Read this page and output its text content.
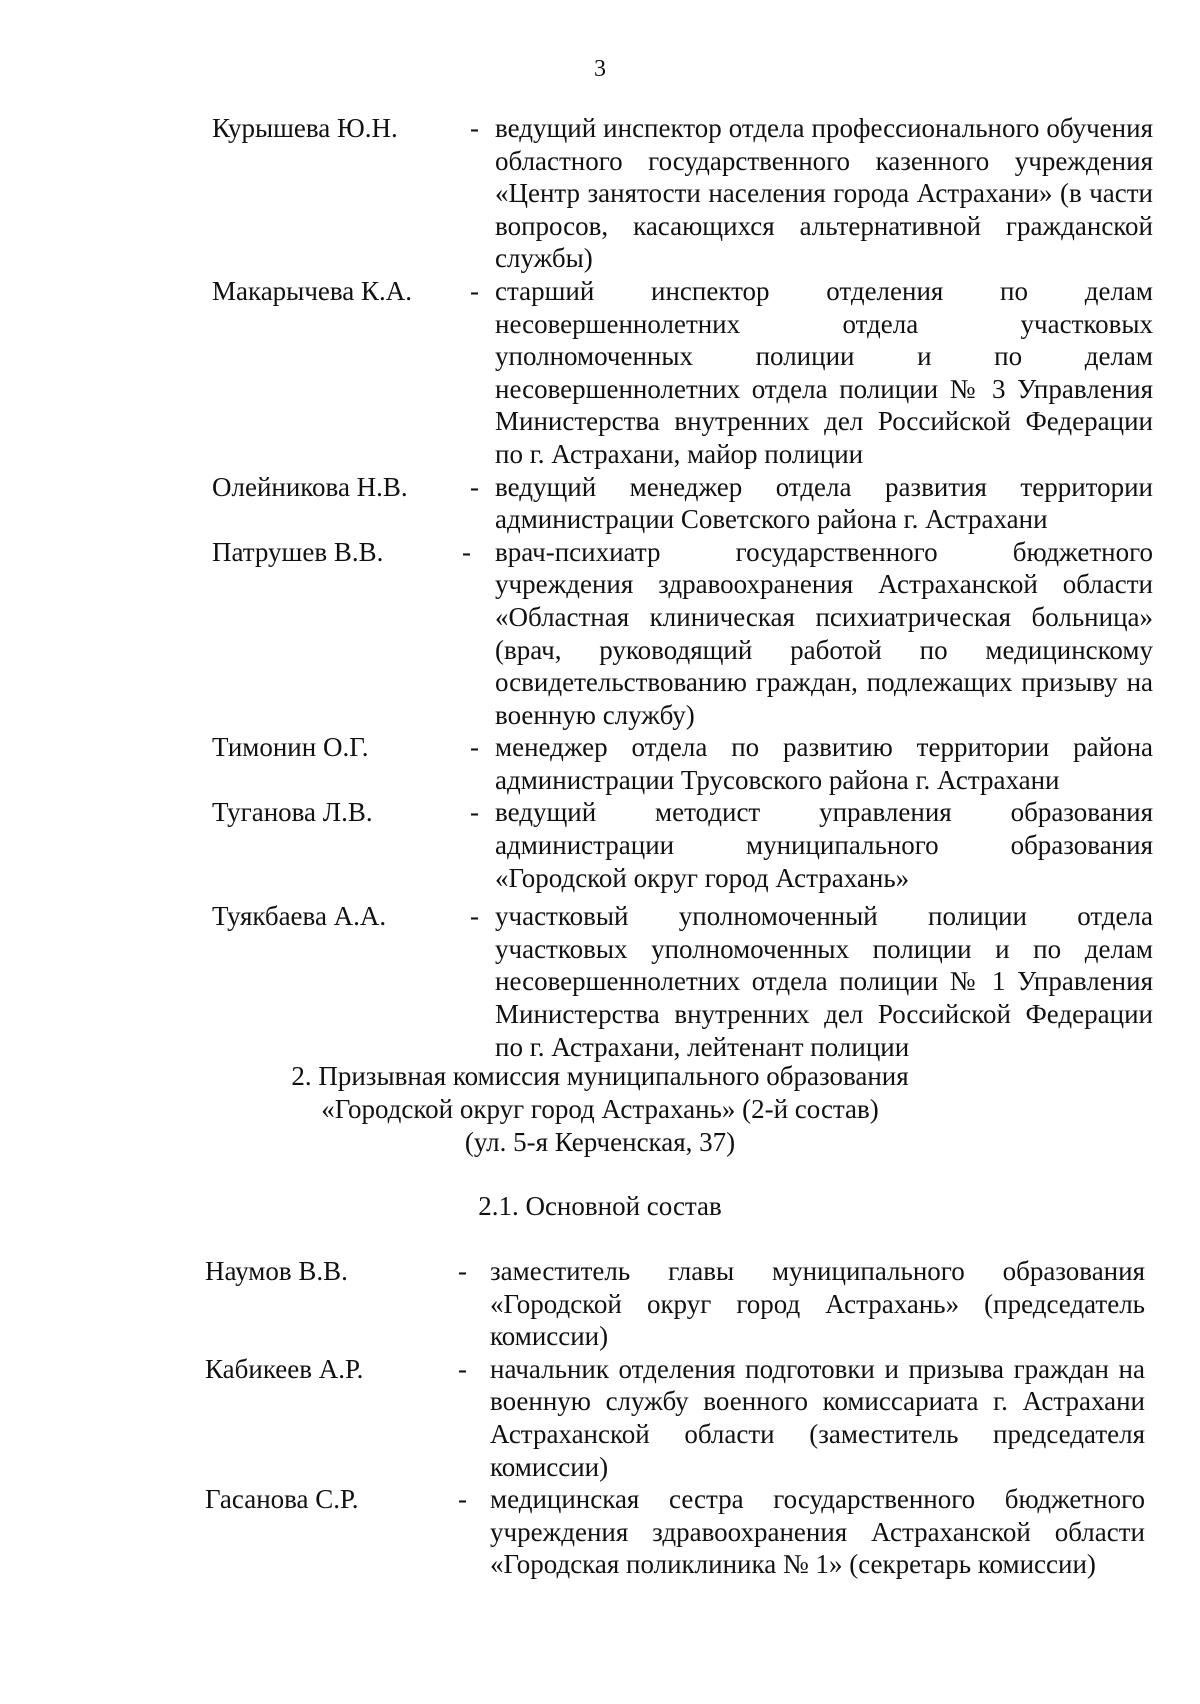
3
Курышева Ю.Н.	- ведущий инспектор отдела профессионального обучения областного государственного казенного учреждения «Центр занятости населения города Астрахани» (в части вопросов, касающихся альтернативной гражданской службы)
Макарычева К.А. - старший инспектор отделения по делам несовершеннолетних отдела участковых уполномоченных полиции и по делам несовершеннолетних отдела полиции № 3 Управления Министерства внутренних дел Российской Федерации по г. Астрахани, майор полиции
Олейникова Н.В. - ведущий менеджер отдела развития территории администрации Советского района г. Астрахани
Патрушев В.В.	- врач-психиатр государственного бюджетного учреждения здравоохранения Астраханской области «Областная клиническая психиатрическая больница» (врач, руководящий работой по медицинскому освидетельствованию граждан, подлежащих призыву на военную службу)
Тимонин О.Г.	- менеджер отдела по развитию территории района администрации Трусовского района г. Астрахани
Туганова Л.В.	- ведущий методист управления образования администрации муниципального образования «Городской округ город Астрахань»
Туякбаева А.А.	- участковый уполномоченный полиции отдела участковых уполномоченных полиции и по делам несовершеннолетних отдела полиции № 1 Управления Министерства внутренних дел Российской Федерации по г. Астрахани, лейтенант полиции
2. Призывная комиссия муниципального образования
«Городской округ город Астрахань» (2-й состав)
(ул. 5-я Керченская, 37)
2.1. Основной состав
Наумов В.В.	- заместитель главы муниципального образования «Городской округ город Астрахань» (председатель комиссии)
Кабикеев А.Р.	- начальник отделения подготовки и призыва граждан на военную службу военного комиссариата г. Астрахани Астраханской области (заместитель председателя комиссии)
Гасанова С.Р.	- медицинская сестра государственного бюджетного учреждения здравоохранения Астраханской области «Городская поликлиника № 1» (секретарь комиссии)
